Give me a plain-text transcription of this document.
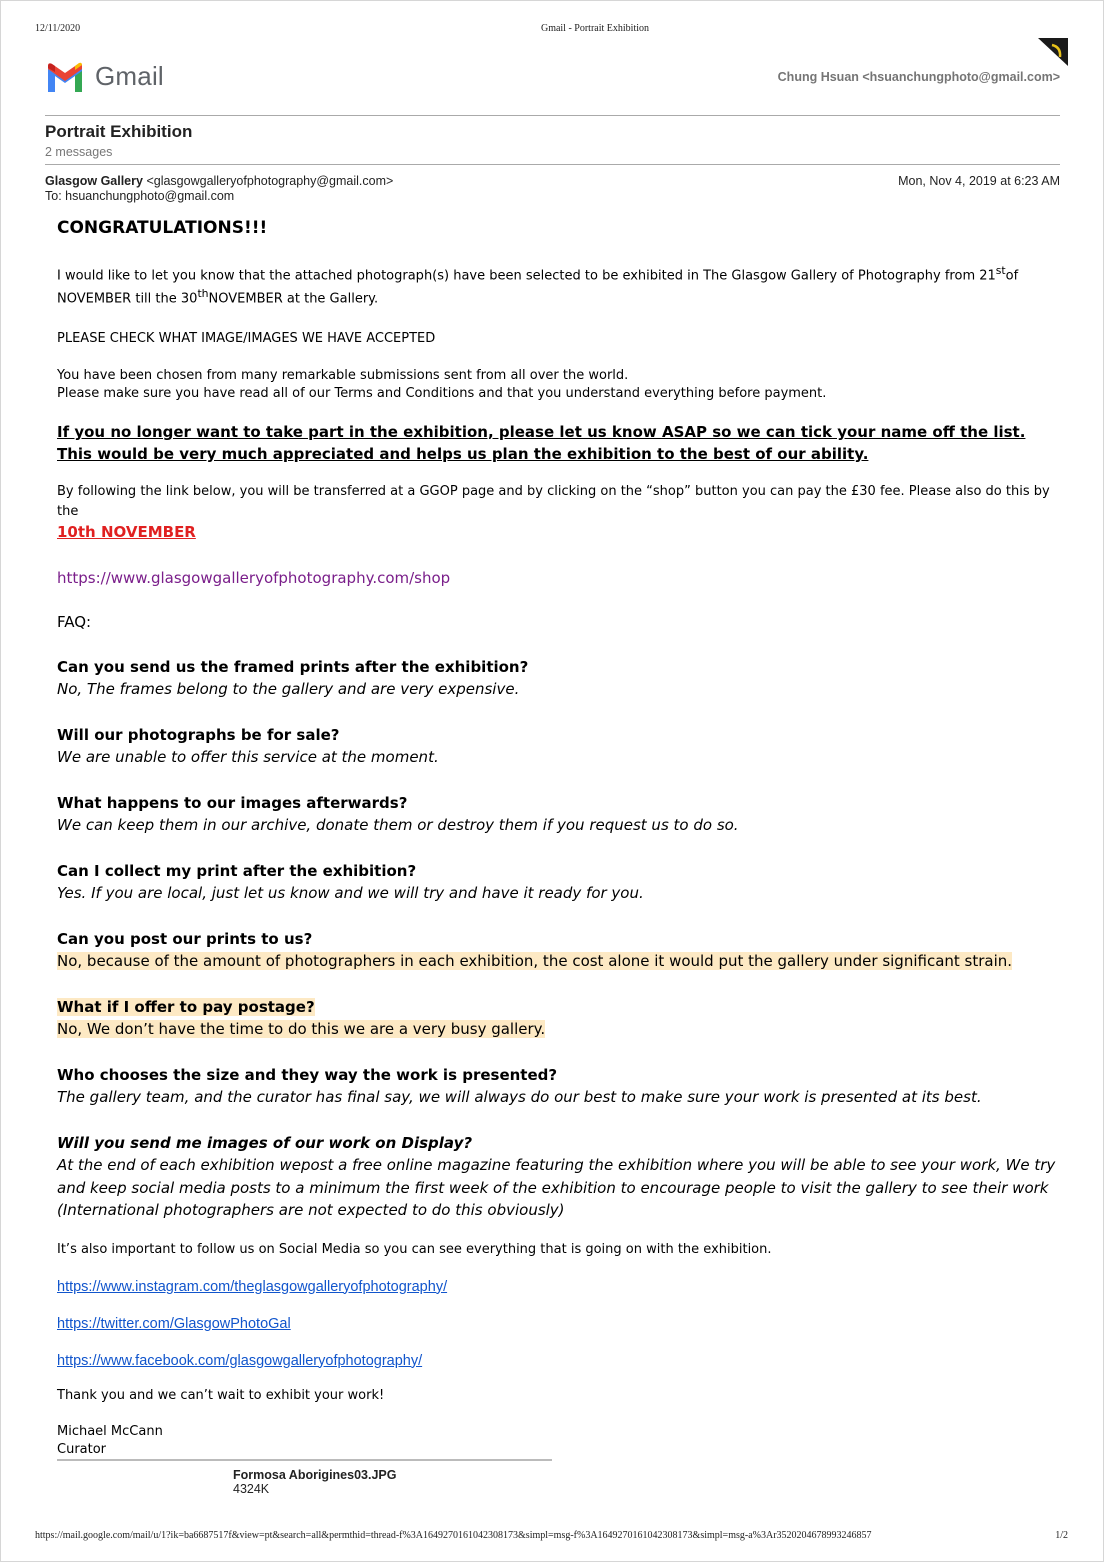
12/11/2020	Gmail - Portrait Exhibition
Gmail	Chung Hsuan <hsuanchungphoto@gmail.com>
Portrait Exhibition
2 messages
Glasgow Gallery <glasgowgalleryofphotography@gmail.com>
To: hsuanchungphoto@gmail.com
Mon, Nov 4, 2019 at 6:23 AM

CONGRATULATIONS!!!

I would like to let you know that the attached photograph(s) have been selected to be exhibited in The Glasgow Gallery of Photography from 21stof NOVEMBER till the 30thNOVEMBER at the Gallery.

PLEASE CHECK WHAT IMAGE/IMAGES WE HAVE ACCEPTED

You have been chosen from many remarkable submissions sent from all over the world.
Please make sure you have read all of our Terms and Conditions and that you understand everything before payment.

If you no longer want to take part in the exhibition, please let us know ASAP so we can tick your name off the list. This would be very much appreciated and helps us plan the exhibition to the best of our ability.

By following the link below, you will be transferred at a GGOP page and by clicking on the “shop” button you can pay the £30 fee. Please also do this by the
10th NOVEMBER

https://www.glasgowgalleryofphotography.com/shop

FAQ:

Can you send us the framed prints after the exhibition?
No, The frames belong to the gallery and are very expensive.
Will our photographs be for sale?
We are unable to offer this service at the moment.
What happens to our images afterwards?
We can keep them in our archive, donate them or destroy them if you request us to do so.
Can I collect my print after the exhibition?
Yes. If you are local, just let us know and we will try and have it ready for you.
Can you post our prints to us?
No, because of the amount of photographers in each exhibition, the cost alone it would put the gallery under significant strain.
What if I offer to pay postage?
No, We don’t have the time to do this we are a very busy gallery.
Who chooses the size and they way the work is presented?
The gallery team, and the curator has final say, we will always do our best to make sure your work is presented at its best.
Will you send me images of our work on Display?
At the end of each exhibition wepost a free online magazine featuring the exhibition where you will be able to see your work, We try and keep social media posts to a minimum the first week of the exhibition to encourage people to visit the gallery to see their work (International photographers are not expected to do this obviously)

It’s also important to follow us on Social Media so you can see everything that is going on with the exhibition.

https://www.instagram.com/theglasgowgalleryofphotography/

https://twitter.com/GlasgowPhotoGal

https://www.facebook.com/glasgowgalleryofphotography/

Thank you and we can’t wait to exhibit your work!

Michael McCann
Curator

Formosa Aborigines03.JPG
4324K
https://mail.google.com/mail/u/1?ik=ba6687517f&view=pt&search=all&permthid=thread-f%3A1649270161042308173&simpl=msg-f%3A1649270161042308173&simpl=msg-a%3Ar3520204678993246857	1/2
